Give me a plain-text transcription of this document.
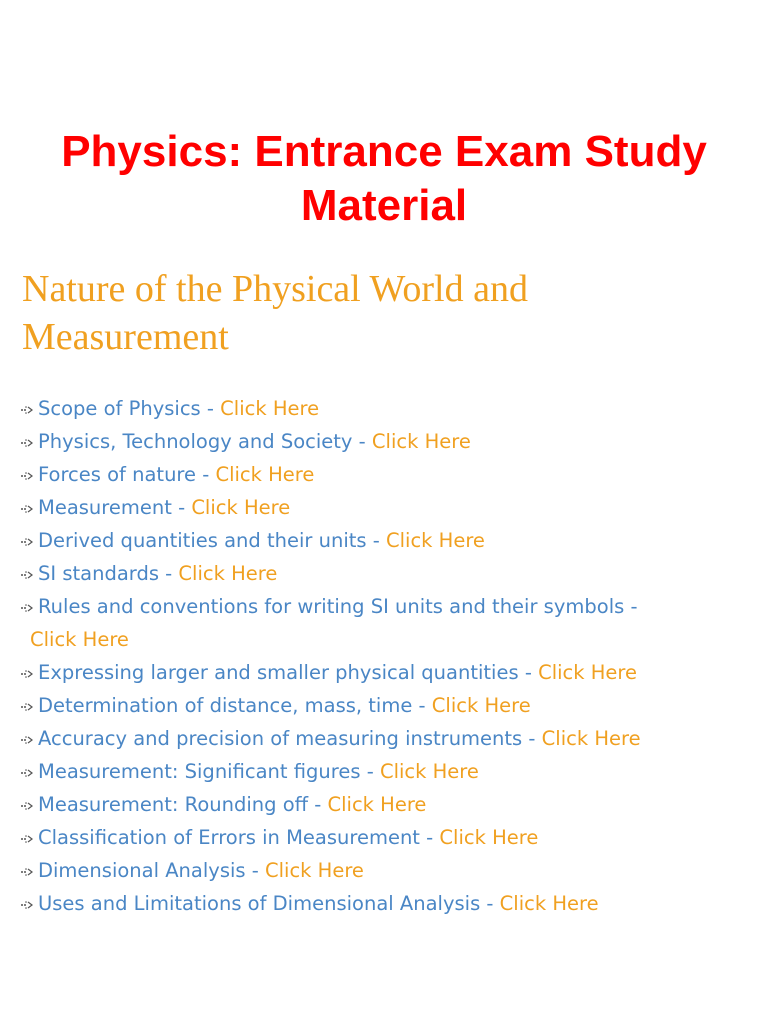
Physics: Entrance Exam Study Material
Nature of the Physical World and Measurement
Scope of Physics - Click Here
Physics, Technology and Society - Click Here
Forces of nature - Click Here
Measurement - Click Here
Derived quantities and their units - Click Here
SI standards - Click Here
Rules and conventions for writing SI units and their symbols -
Click Here
Expressing larger and smaller physical quantities - Click Here
Determination of distance, mass, time - Click Here
Accuracy and precision of measuring instruments - Click Here
Measurement: Significant figures - Click Here
Measurement: Rounding off - Click Here
Classification of Errors in Measurement - Click Here
Dimensional Analysis - Click Here
Uses and Limitations of Dimensional Analysis - Click Here
